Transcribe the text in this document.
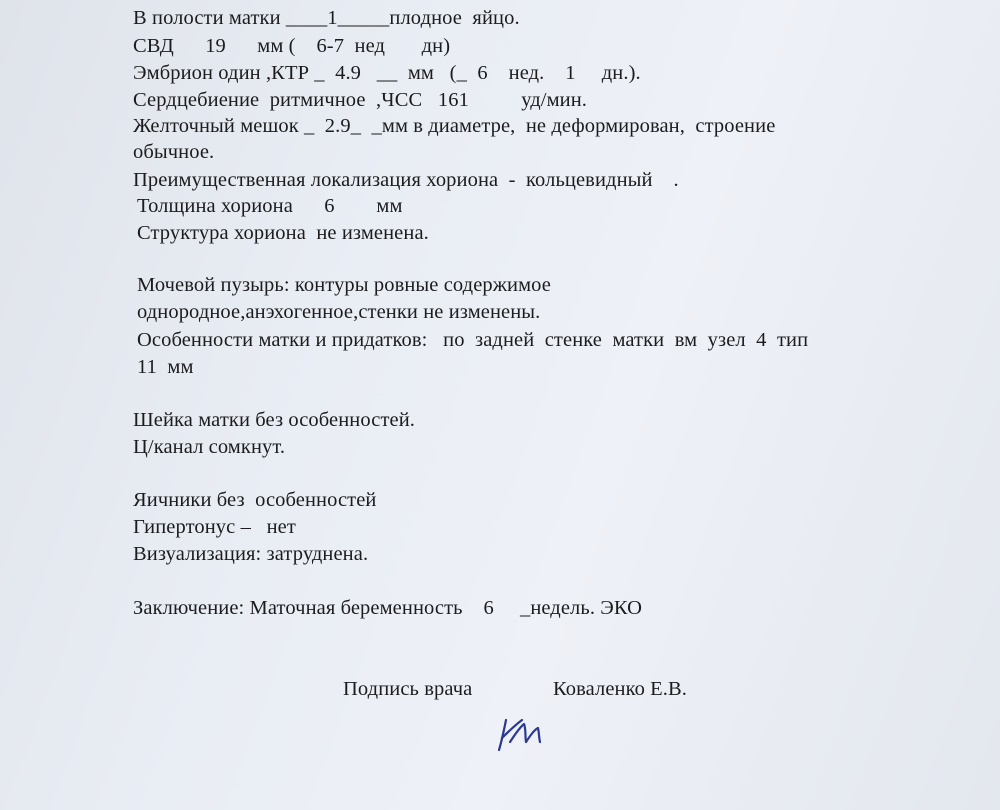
В полости матки ____1_____плодное  яйцо.
СВД      19      мм (    6-7  нед       дн)
Эмбрион один ,КТР _  4.9   __  мм   (_  6    нед.    1     дн.).
Сердцебиение  ритмичное  ,ЧСС   161          уд/мин.
Желточный мешок _  2.9_  _мм в диаметре,  не деформирован,  строение
обычное.
Преимущественная локализация хориона  -  кольцевидный    .
Толщина хориона      6        мм
Структура хориона  не изменена.
Мочевой пузырь: контуры ровные содержимое
однородное,анэхогенное,стенки не изменены.
Особенности матки и придатков:   по  задней  стенке  матки  вм  узел  4  тип
11  мм
Шейка матки без особенностей.
Ц/канал сомкнут.
Яичники без  особенностей
Гипертонус –   нет
Визуализация: затруднена.
Заключение: Маточная беременность    6     _недель. ЭКО
Подпись врача	Коваленко Е.В.
